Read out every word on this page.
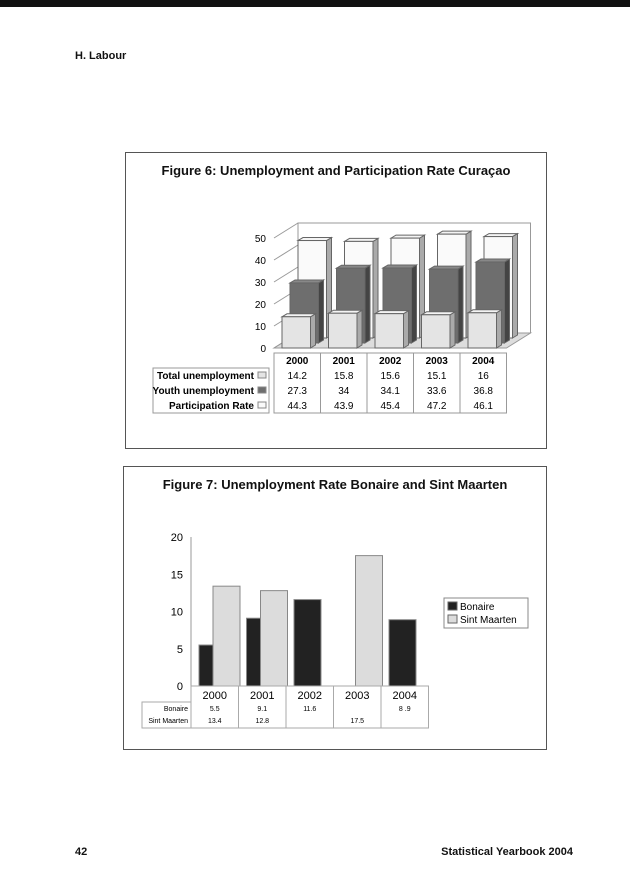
H. Labour
Figure 6: Unemployment and Participation Rate Curaçao
0
10
20
30
40
50
2000
14.2
27.3
44.3
2001
15.8
34
43.9
2002
15.6
34.1
45.4
2003
15.1
33.6
47.2
2004
16
36.8
46.1
Total unemployment
Youth unemployment
Participation Rate
Figure 7: Unemployment Rate Bonaire and Sint Maarten
0
5
10
15
20
2000
5.5
13.4
2001
9.1
12.8
2002
11.6
2003
17.5
2004
8 .9
Bonaire
Sint Maarten
Bonaire
Sint Maarten
42	Statistical Yearbook 2004
